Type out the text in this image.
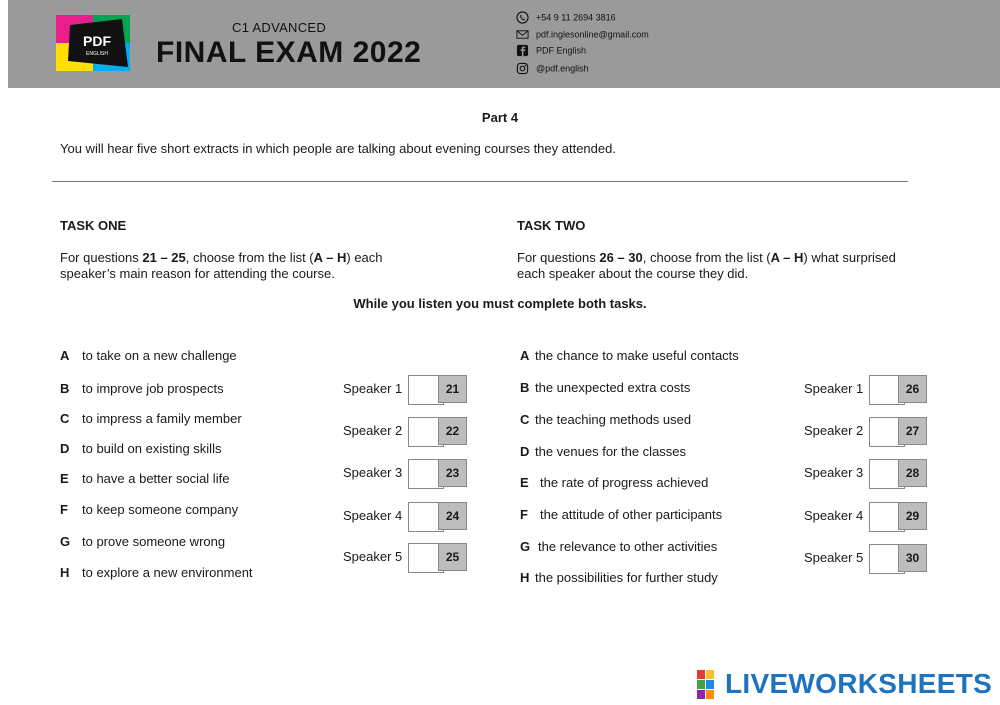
PDF
ENGLISH
C1 ADVANCED
FINAL EXAM 2022
+54 9 11 2694 3816
pdf.inglesonline@gmail.com
PDF English
@pdf.english
Part 4
You will hear five short extracts in which people are talking about evening courses they attended.
TASK ONE	TASK TWO
For questions 21 – 25, choose from the list (A – H) each speaker’s main reason for attending the course.
For questions 26 – 30, choose from the list (A – H) what surprised each speaker about the course they did.
While you listen you must complete both tasks.
A to take on a new challenge
B to improve job prospects
C to impress a family member
D to build on existing skills
E to have a better social life
F to keep someone company
G to prove someone wrong
H to explore a new environment
Speaker 1	21
Speaker 2	22
Speaker 3	23
Speaker 4	24
Speaker 5	25
A the chance to make useful contacts
B the unexpected extra costs
C the teaching methods used
D the venues for the classes
E the rate of progress achieved
F the attitude of other participants
G the relevance to other activities
H the possibilities for further study
Speaker 1	26
Speaker 2	27
Speaker 3	28
Speaker 4	29
Speaker 5	30
LIVEWORKSHEETS
